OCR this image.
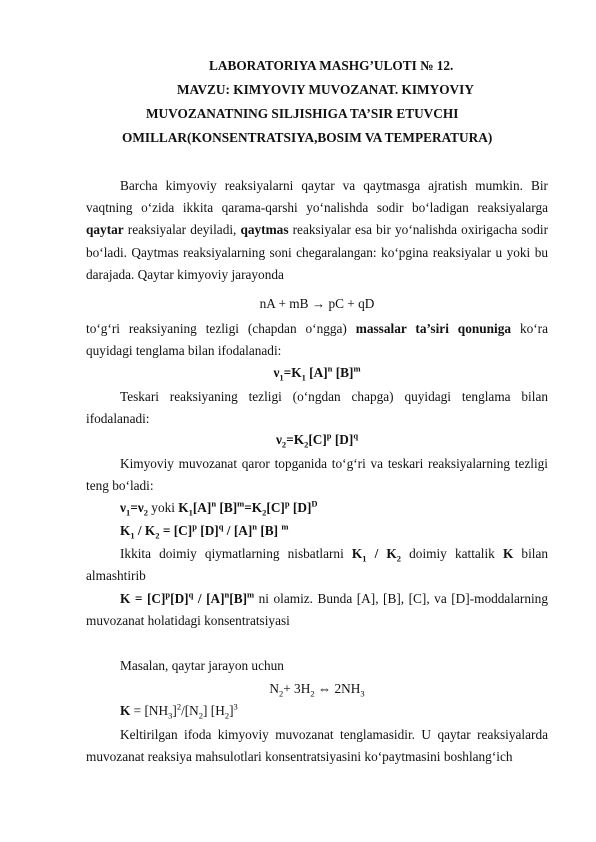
LABORATORIYA MASHG’ULOTI № 12.
MAVZU: KIMYOVIY MUVOZANAT. KIMYOVIY
MUVOZANATNING SILJISHIGA TA’SIR ETUVCHI
OMILLAR(KONSENTRATSIYA,BOSIM VA TEMPERATURA)

Barcha kimyoviy reaksiyalarni qaytar va qaytmasga ajratish mumkin. Bir vaqtning o‘zida ikkita qarama-qarshi yo‘nalishda sodir bo‘ladigan reaksiyalarga qaytar reaksiyalar deyiladi, qaytmas reaksiyalar esa bir yo‘nalishda oxirigacha sodir bo‘ladi. Qaytmas reaksiyalarning soni chegaralangan: ko‘pgina reaksiyalar u yoki bu darajada. Qaytar kimyoviy jarayonda

nA + mB → pC + qD

to‘g‘ri reaksiyaning tezligi (chapdan o‘ngga) massalar ta’siri qonuniga ko‘ra quyidagi tenglama bilan ifodalanadi:

$\nu_1=K_1$ $[A]^n$ $[B]^m$

Teskari reaksiyaning tezligi (o‘ngdan chapga) quyidagi tenglama bilan ifodalanadi:

$\nu_2=K_2[C]^p$ $[D]^q$

Kimyoviy muvozanat qaror topganida to‘g‘ri va teskari reaksiyalarning tezligi teng bo‘ladi:

$\nu_1=\nu_2$ yoki $K_1[A]^n$ $[B]^m=K_2[C]^p$ $[D]^D$
$K_1 / K_2 = [C]^p$ $[D]^q / [A]^n$ [B] $^m$

Ikkita doimiy qiymatlarning nisbatlarni $K_1 / K_2$ doimiy kattalik K bilan almashtirib

$K = [C]^p[D]^q / [A]^n[B]^m$ ni olamiz. Bunda [A], [B], [C], va [D]-moddalarning muvozanat holatidagi konsentratsiyasi

Masalan, qaytar jarayon uchun
$N_2+ 3H_2$ ⇔ $2NH_3$
$K = [NH_3]^2/[N_2]$ $[H_2]^3$

Keltirilgan ifoda kimyoviy muvozanat tenglamasidir. U qaytar reaksiyalarda muvozanat reaksiya mahsulotlari konsentratsiyasini ko‘paytmasini boshlang‘ich
